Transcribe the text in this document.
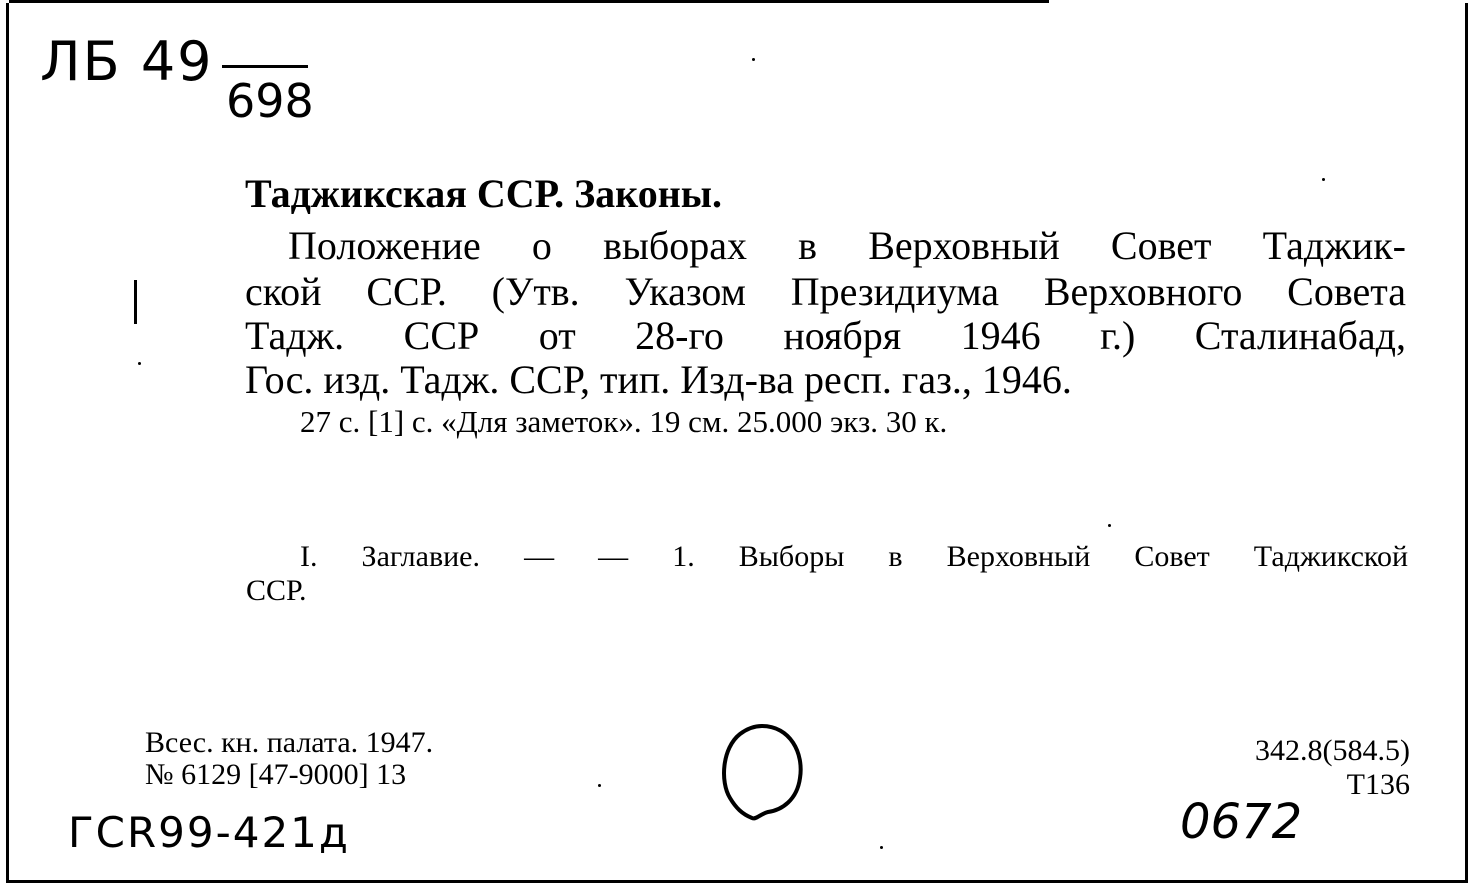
ЛБ 49
698
Таджикская ССР. Законы.
Положение о выборах в Верховный Совет Таджик-
ской ССР. (Утв. Указом Президиума Верховного Совета
Тадж. ССР от 28-го ноября 1946 г.) Сталинабад,
Гос. изд. Тадж. ССР, тип. Изд-ва респ. газ., 1946.
27 с. [1] с. «Для заметок». 19 см. 25.000 экз. 30 к.
I. Заглавие. — — 1. Выборы в Верховный Совет Таджикской
ССР.
Всес. кн. палата. 1947.
№ 6129 [47-9000] 13
342.8(584.5)
Т136
ГСR99-421д	0672
